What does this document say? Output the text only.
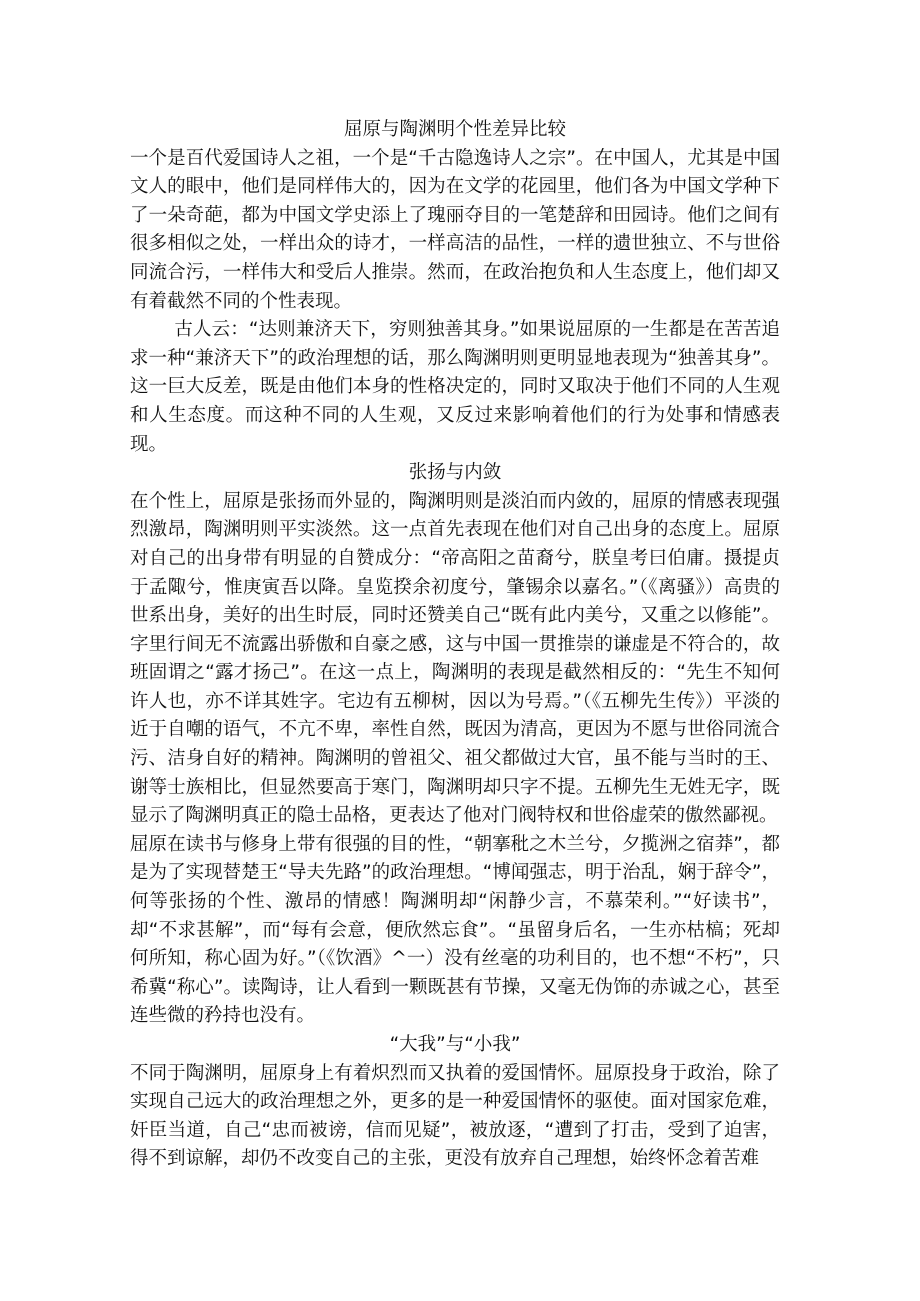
屈原与陶渊明个性差异比较

一个是百代爱国诗人之祖，一个是“千古隐逸诗人之宗”。在中国人，尤其是中国文人的眼中，他们是同样伟大的，因为在文学的花园里，他们各为中国文学种下了一朵奇葩，都为中国文学史添上了瑰丽夺目的一笔楚辞和田园诗。他们之间有很多相似之处，一样出众的诗才，一样高洁的品性，一样的遗世独立、不与世俗同流合污，一样伟大和受后人推崇。然而，在政治抱负和人生态度上，他们却又有着截然不同的个性表现。

古人云：“达则兼济天下，穷则独善其身。”如果说屈原的一生都是在苦苦追求一种“兼济天下”的政治理想的话，那么陶渊明则更明显地表现为“独善其身”。这一巨大反差，既是由他们本身的性格决定的，同时又取决于他们不同的人生观和人生态度。而这种不同的人生观，又反过来影响着他们的行为处事和情感表现。

张扬与内敛

在个性上，屈原是张扬而外显的，陶渊明则是淡泊而内敛的，屈原的情感表现强烈激昂，陶渊明则平实淡然。这一点首先表现在他们对自己出身的态度上。屈原对自己的出身带有明显的自赞成分：“帝高阳之苗裔兮，朕皇考曰伯庸。摄提贞于孟陬兮，惟庚寅吾以降。皇览揆余初度兮，肇锡余以嘉名。”（《离骚》）高贵的世系出身，美好的出生时辰，同时还赞美自己“既有此内美兮，又重之以修能”。字里行间无不流露出骄傲和自豪之感，这与中国一贯推崇的谦虚是不符合的，故班固谓之“露才扬己”。在这一点上，陶渊明的表现是截然相反的：“先生不知何许人也，亦不详其姓字。宅边有五柳树，因以为号焉。”（《五柳先生传》）平淡的近于自嘲的语气，不亢不卑，率性自然，既因为清高，更因为不愿与世俗同流合污、洁身自好的精神。陶渊明的曾祖父、祖父都做过大官，虽不能与当时的王、谢等士族相比，但显然要高于寒门，陶渊明却只字不提。五柳先生无姓无字，既显示了陶渊明真正的隐士品格，更表达了他对门阀特权和世俗虚荣的傲然鄙视。

屈原在读书与修身上带有很强的目的性，“朝搴秕之木兰兮，夕揽洲之宿莽”，都是为了实现替楚王“导夫先路”的政治理想。“博闻强志，明于治乱，娴于辞令”，何等张扬的个性、激昂的情感！陶渊明却“闲静少言，不慕荣利。”“好读书”，却“不求甚解”，而“每有会意，便欣然忘食”。“虽留身后名，一生亦枯槁；死却何所知，称心固为好。”（《饮酒》^一）没有丝毫的功利目的，也不想“不朽”，只希冀“称心”。读陶诗，让人看到一颗既甚有节操，又毫无伪饰的赤诚之心，甚至连些微的矜持也没有。

“大我”与“小我”

不同于陶渊明，屈原身上有着炽烈而又执着的爱国情怀。屈原投身于政治，除了实现自己远大的政治理想之外，更多的是一种爱国情怀的驱使。面对国家危难，奸臣当道，自己“忠而被谤，信而见疑”，被放逐，“遭到了打击，受到了迫害，得不到谅解，却仍不改变自己的主张，更没有放弃自己理想，始终怀念着苦难
